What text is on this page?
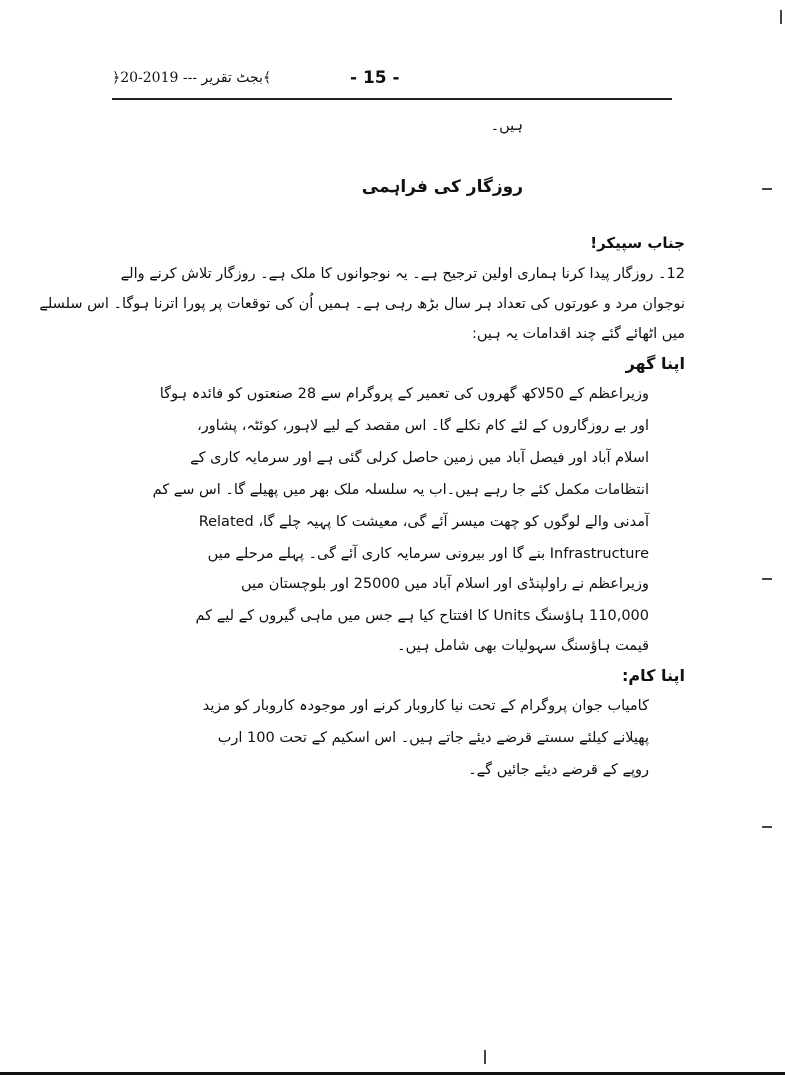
﴾بجٹ تقریر --- 2019-20﴿	- 15 -
ہیں۔
روزگار کی فراہمی
جناب سپیکر!
12۔ روزگار پیدا کرنا ہماری اولین ترجیح ہے۔ یہ نوجوانوں کا ملک ہے۔ روزگار تلاش کرنے والے
نوجوان مرد و عورتوں کی تعداد ہر سال بڑھ رہی ہے۔ ہمیں اُن کی توقعات پر پورا اترنا ہوگا۔ اس سلسلے
میں اٹھائے گئے چند اقدامات یہ ہیں:
اپنا گھر
وزیراعظم کے 50لاکھ گھروں کی تعمیر کے پروگرام سے 28 صنعتوں کو فائدہ ہوگا
اور بے روزگاروں کے لئے کام نکلے گا۔ اس مقصد کے لیے لاہور، کوئٹہ، پشاور،
اسلام آباد اور فیصل آباد میں زمین حاصل کرلی گئی ہے اور سرمایہ کاری کے
انتظامات مکمل کئے جا رہے ہیں۔اب یہ سلسلہ ملک بھر میں پھیلے گا۔ اس سے کم
آمدنی والے لوگوں کو چھت میسر آئے گی، معیشت کا پہیہ چلے گا، Related
Infrastructure بنے گا اور بیرونی سرمایہ کاری آئے گی۔ پہلے مرحلے میں
وزیراعظم نے راولپنڈی اور اسلام آباد میں 25000 اور بلوچستان میں
110,000 ہاؤسنگ Units کا افتتاح کیا ہے جس میں ماہی گیروں کے لیے کم
قیمت ہاؤسنگ سہولیات بھی شامل ہیں۔
اپنا کام:
کامیاب جوان پروگرام کے تحت نیا کاروبار کرنے اور موجودہ کاروبار کو مزید
پھیلانے کیلئے سستے قرضے دیئے جاتے ہیں۔ اس اسکیم کے تحت 100 ارب
روپے کے قرضے دیئے جائیں گے۔
